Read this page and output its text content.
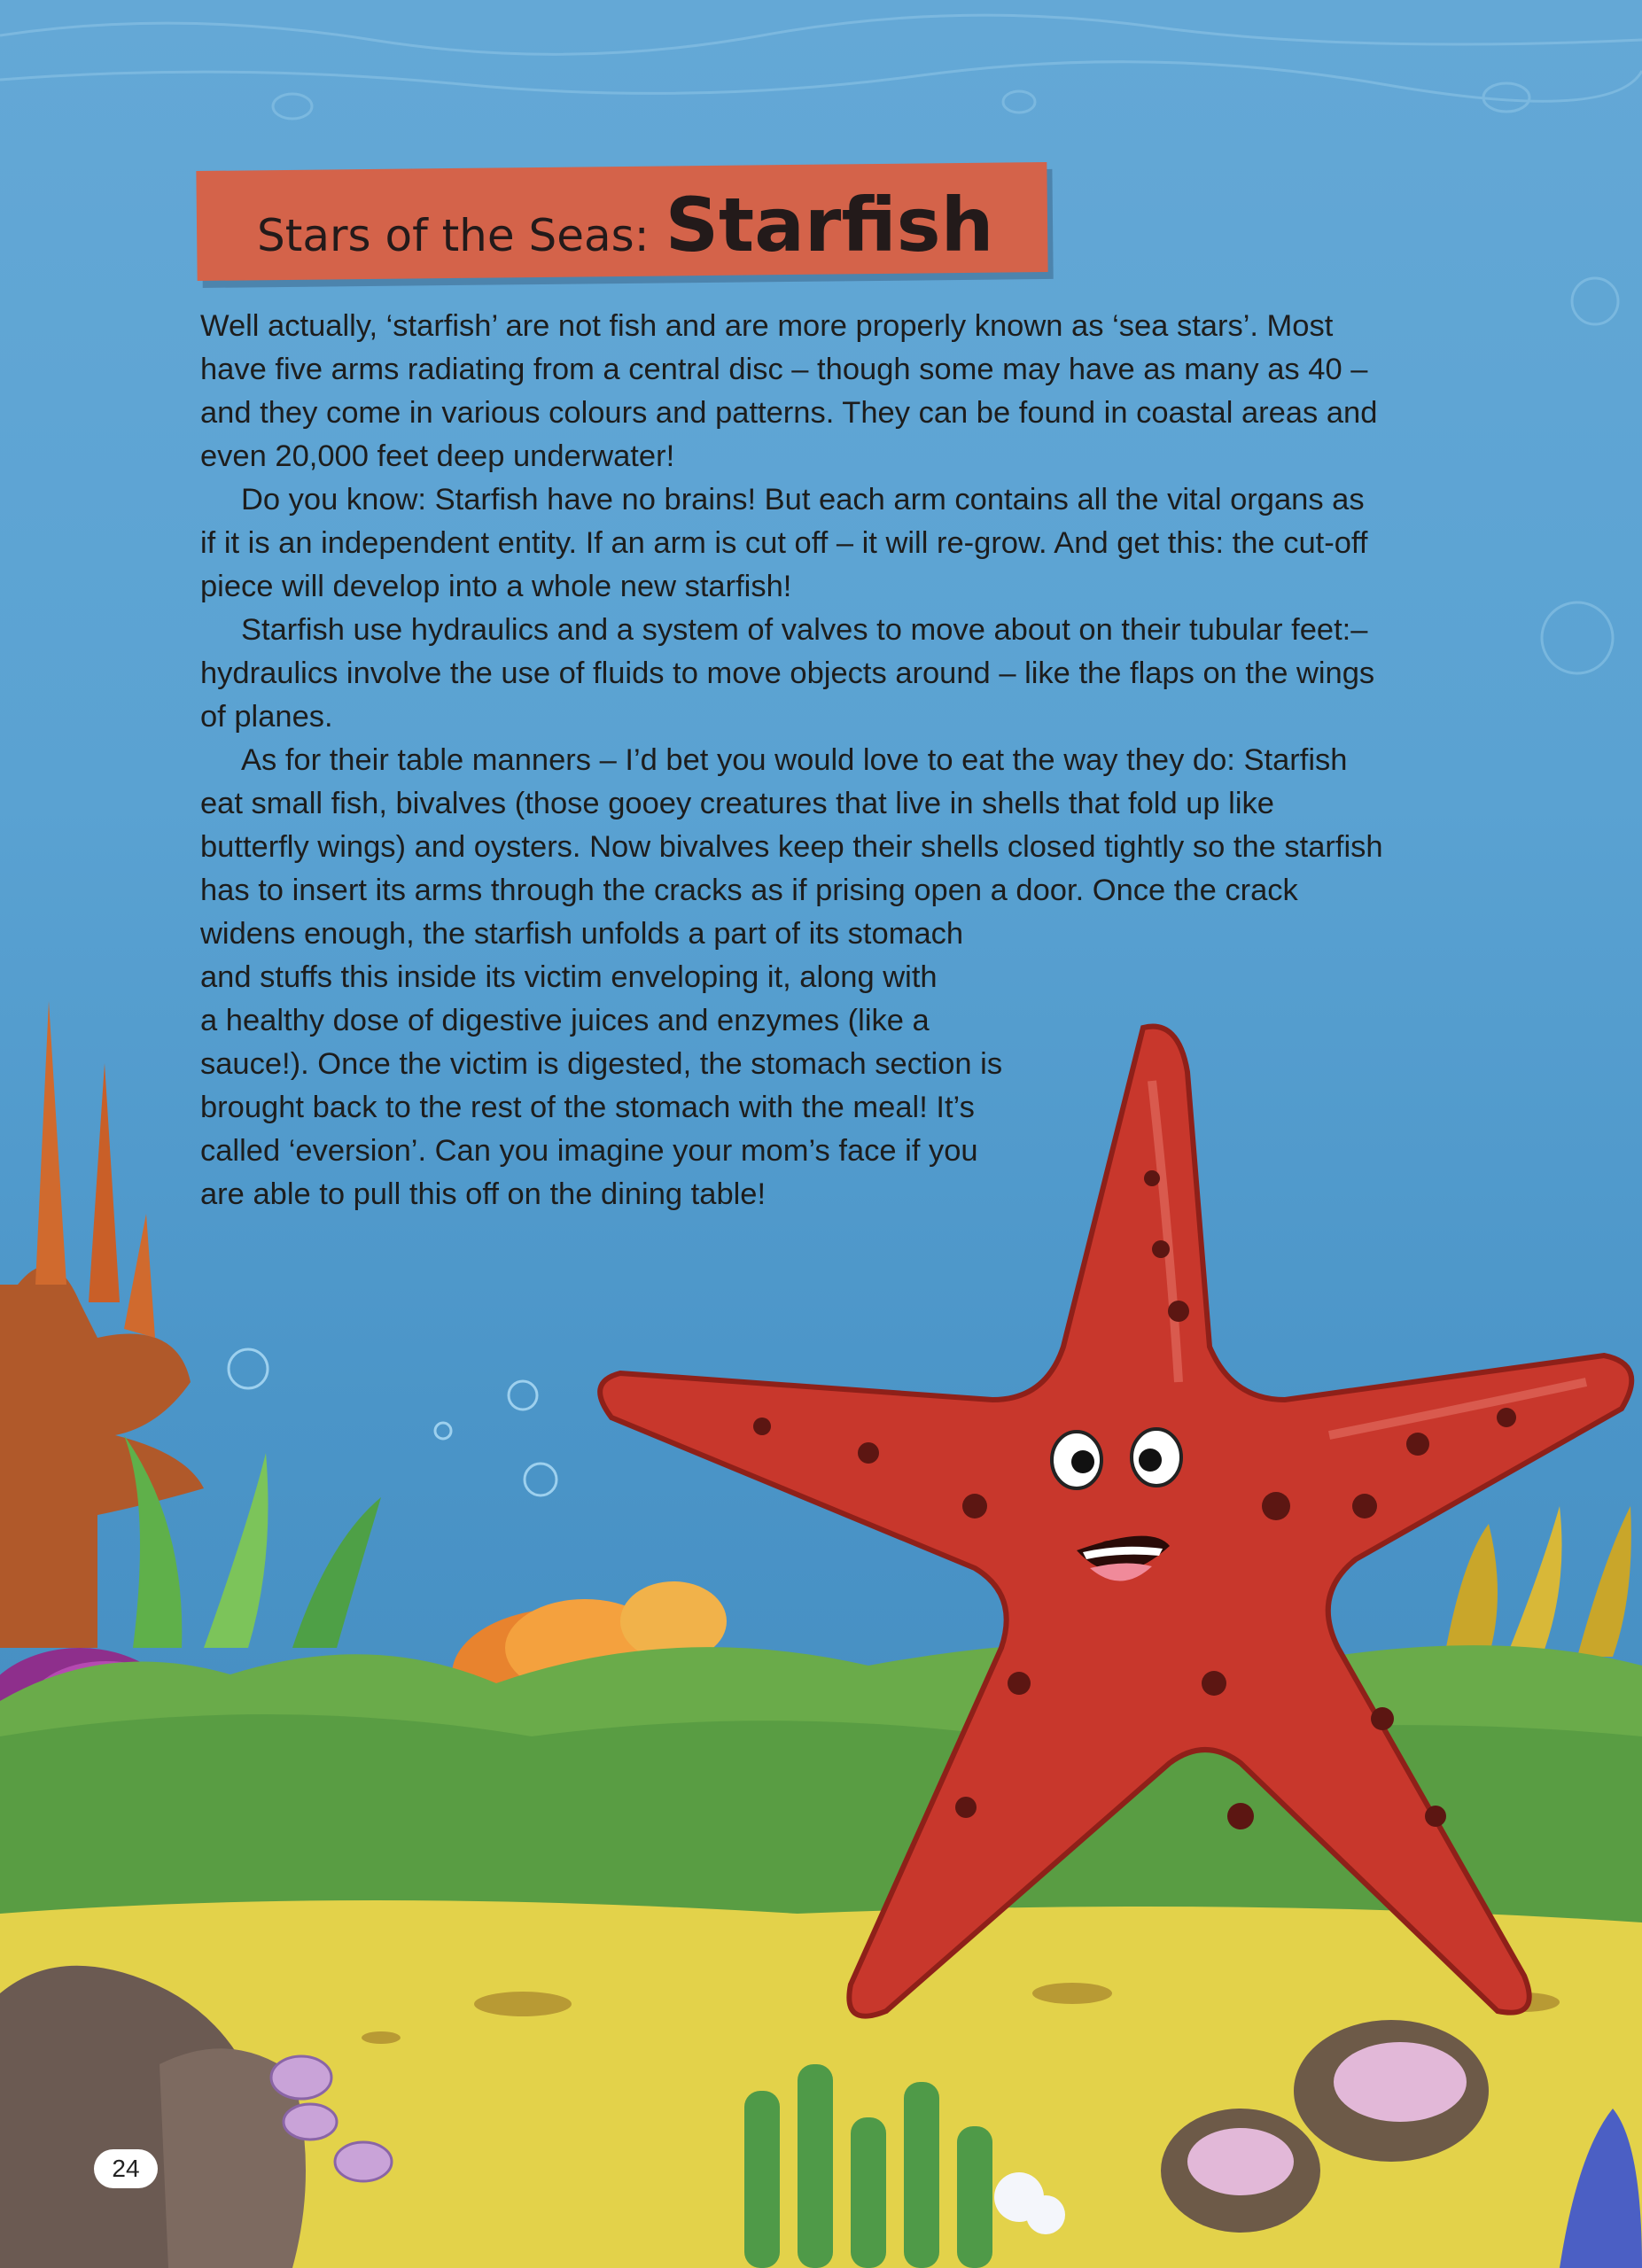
Stars of the Seas: Starfish

Well actually, ‘starfish’ are not fish and are more properly known as ‘sea stars’. Most
have five arms radiating from a central disc – though some may have as many as 40 –
and they come in various colours and patterns. They can be found in coastal areas and
even 20,000 feet deep underwater!

Do you know: Starfish have no brains! But each arm contains all the vital organs as
if it is an independent entity. If an arm is cut off – it will re-grow. And get this: the cut-off
piece will develop into a whole new starfish!

Starfish use hydraulics and a system of valves to move about on their tubular feet:–
hydraulics involve the use of fluids to move objects around – like the flaps on the wings
of planes.

As for their table manners – I’d bet you would love to eat the way they do: Starfish
eat small fish, bivalves (those gooey creatures that live in shells that fold up like
butterfly wings) and oysters. Now bivalves keep their shells closed tightly so the starfish
has to insert its arms through the cracks as if prising open a door. Once the crack
widens enough, the starfish unfolds a part of its stomach
and stuffs this inside its victim enveloping it, along with
a healthy dose of digestive juices and enzymes (like a
sauce!). Once the victim is digested, the stomach section is
brought back to the rest of the stomach with the meal! It’s
called ‘eversion’. Can you imagine your mom’s face if you
are able to pull this off on the dining table!

24
